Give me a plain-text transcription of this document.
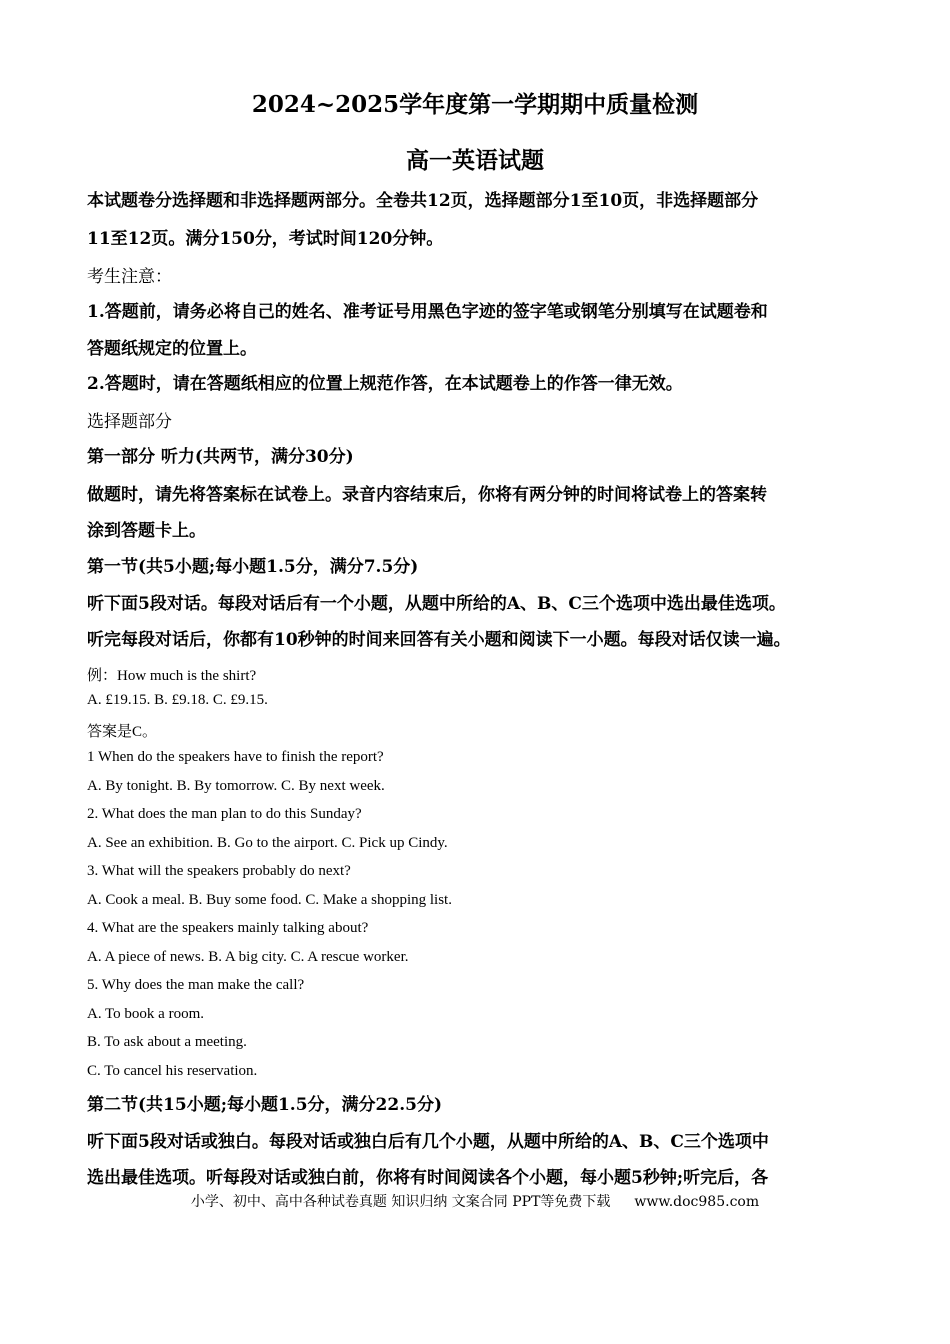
2024~2025学年度第一学期期中质量检测
高一英语试题
本试题卷分选择题和非选择题两部分。全卷共12页，选择题部分1至10页，非选择题部分
11至12页。满分150分，考试时间120分钟。
考生注意：
1.答题前，请务必将自己的姓名、准考证号用黑色字迹的签字笔或钢笔分别填写在试题卷和
答题纸规定的位置上。
2.答题时，请在答题纸相应的位置上规范作答，在本试题卷上的作答一律无效。
选择题部分
第一部分 听力(共两节，满分30分)
做题时，请先将答案标在试卷上。录音内容结束后，你将有两分钟的时间将试卷上的答案转
涂到答题卡上。
第一节(共5小题;每小题1.5分，满分7.5分)
听下面5段对话。每段对话后有一个小题，从题中所给的A、B、C三个选项中选出最佳选项。
听完每段对话后，你都有10秒钟的时间来回答有关小题和阅读下一小题。每段对话仅读一遍。
例：How much is the shirt?
A. £19.15. B. £9.18. C. £9.15.
答案是C。
1 When do the speakers have to finish the report?
A. By tonight. B. By tomorrow. C. By next week.
2. What does the man plan to do this Sunday?
A. See an exhibition. B. Go to the airport. C. Pick up Cindy.
3. What will the speakers probably do next?
A. Cook a meal. B. Buy some food. C. Make a shopping list.
4. What are the speakers mainly talking about?
A. A piece of news. B. A big city. C. A rescue worker.
5. Why does the man make the call?
A. To book a room.
B. To ask about a meeting.
C. To cancel his reservation.
第二节(共15小题;每小题1.5分，满分22.5分)
听下面5段对话或独白。每段对话或独白后有几个小题，从题中所给的A、B、C三个选项中
选出最佳选项。听每段对话或独白前，你将有时间阅读各个小题，每小题5秒钟;听完后，各
小学、初中、高中各种试卷真题 知识归纳 文案合同 PPT等免费下载 www.doc985.com
